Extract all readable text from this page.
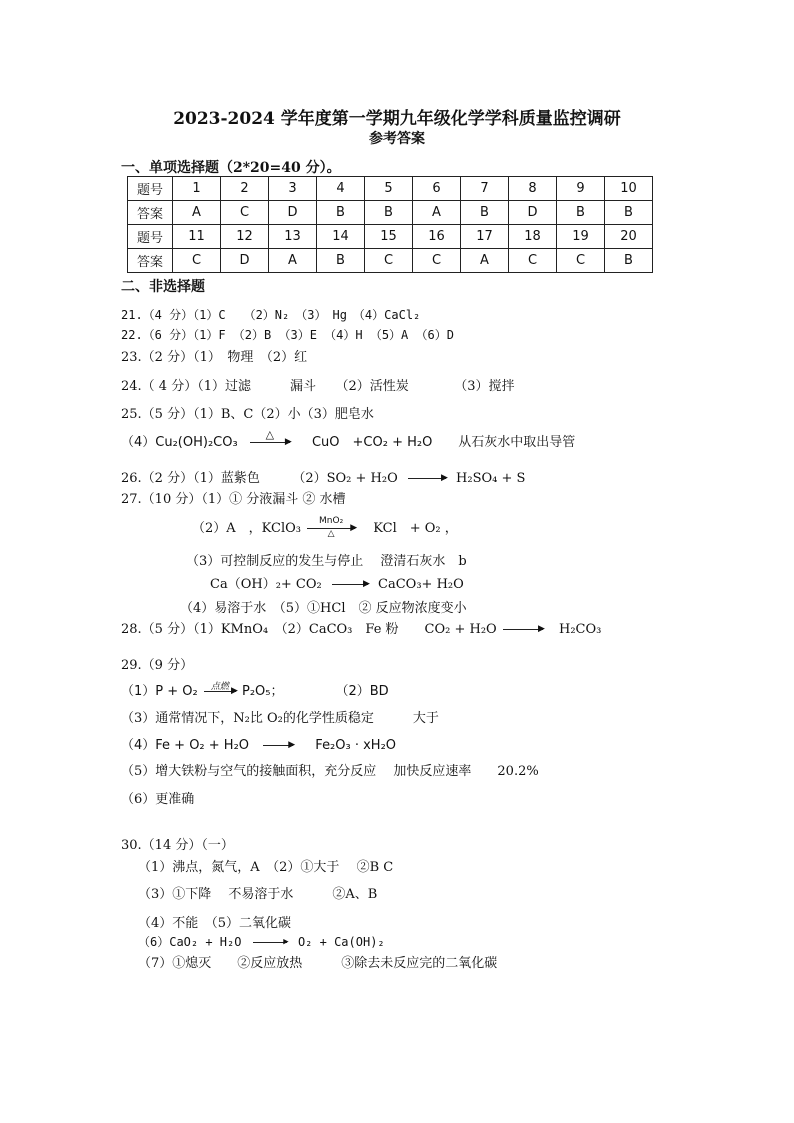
2023-2024 学年度第一学期九年级化学学科质量监控调研
参考答案
一、单项选择题（2*20=40 分）。
题号	1	2	3	4	5	6	7	8	9	10
答案	A	C	D	B	B	A	B	D	B	B
题号	11	12	13	14	15	16	17	18	19	20
答案	C	D	A	B	C	C	A	C	C	B
二、非选择题
21.（4 分）（1）C　　（2）N₂　（3）　Hg　（4）CaCl₂
22.（6 分）（1）F （2）B （3）E （4）H （5）A （6）D
23.（2 分）（1）　物理　（2）红
24.（ 4 分）（1）过滤　　　漏斗　　（2）活性炭　　　　（3）搅拌
25.（5 分）（1）B、C（2）小（3）肥皂水
（4）Cu₂(OH)₂CO₃
△
▶ CuO　+CO₂ + H₂O　　从石灰水中取出导管
26.（2 分）（1）蓝紫色　　　（2）SO₂ + H₂O	▶ H₂SO₄ + S
27.（10 分）（1）① 分液漏斗 ② 水槽
（2）A　，KClO₃	MnO₂
▶
△	KCl　+ O₂ ，
（3）可控制反应的发生与停止　 澄清石灰水　b
Ca（OH）₂+ CO₂	▶ CaCO₃+ H₂O
（4）易溶于水　（5）①HCl　② 反应物浓度变小
28.（5 分）（1）KMnO₄　（2）CaCO₃　Fe 粉　　CO₂ + H₂O	▶ H₂CO₃
29.（9 分）
（1）P + O₂	点燃 ▶ P₂O₅；　　　　　（2）BD
（3）通常情况下，N₂比 O₂的化学性质稳定　　　大于
（4）Fe + O₂ + H₂O	▶ Fe₂O₃ · xH₂O
（5）增大铁粉与空气的接触面积，充分反应　 加快反应速率　　20.2%
（6）更准确
30.（14 分）（一）
（1）沸点，氮气，A　（2）①大于　 ②B C
（3）①下降　 不易溶于水　　　②A、B
（4）不能　（5）二氧化碳
（6）CaO₂ + H₂O	▶ O₂ + Ca(OH)₂
（7）①熄灭　　②反应放热　　　③除去未反应完的二氧化碳
